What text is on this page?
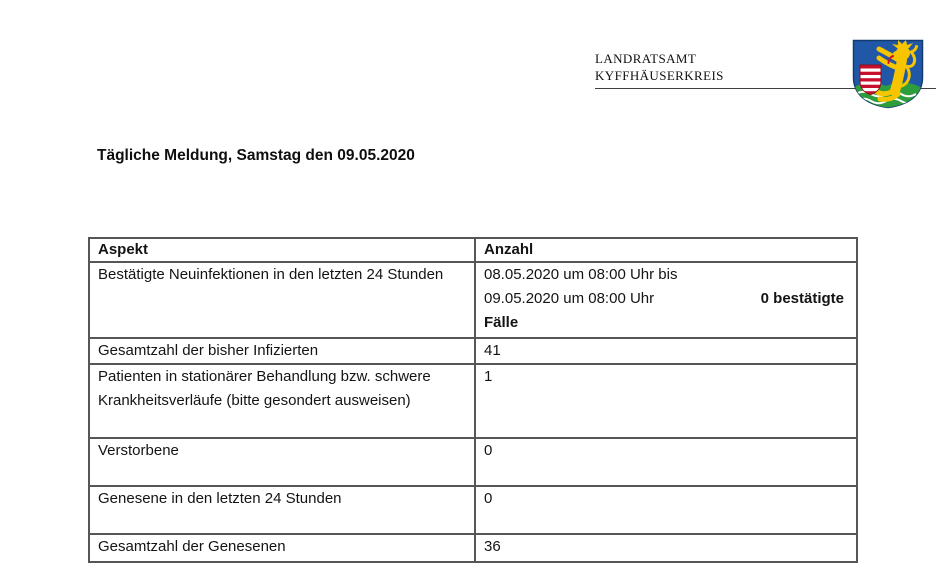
LANDRATSAMT
KYFFHÄUSERKREIS
Tägliche Meldung, Samstag den 09.05.2020
Aspekt	Anzahl
Bestätigte Neuinfektionen in den letzten 24 Stunden	08.05.2020 um 08:00 Uhr bis
09.05.2020 um 08:00 Uhr 0 bestätigte
Fälle

Gesamtzahl der bisher Infizierten	41
Patienten in stationärer Behandlung bzw. schwere Krankheitsverläufe (bitte gesondert ausweisen)	1
Verstorbene	0
Genesene in den letzten 24 Stunden	0
Gesamtzahl der Genesenen	36
